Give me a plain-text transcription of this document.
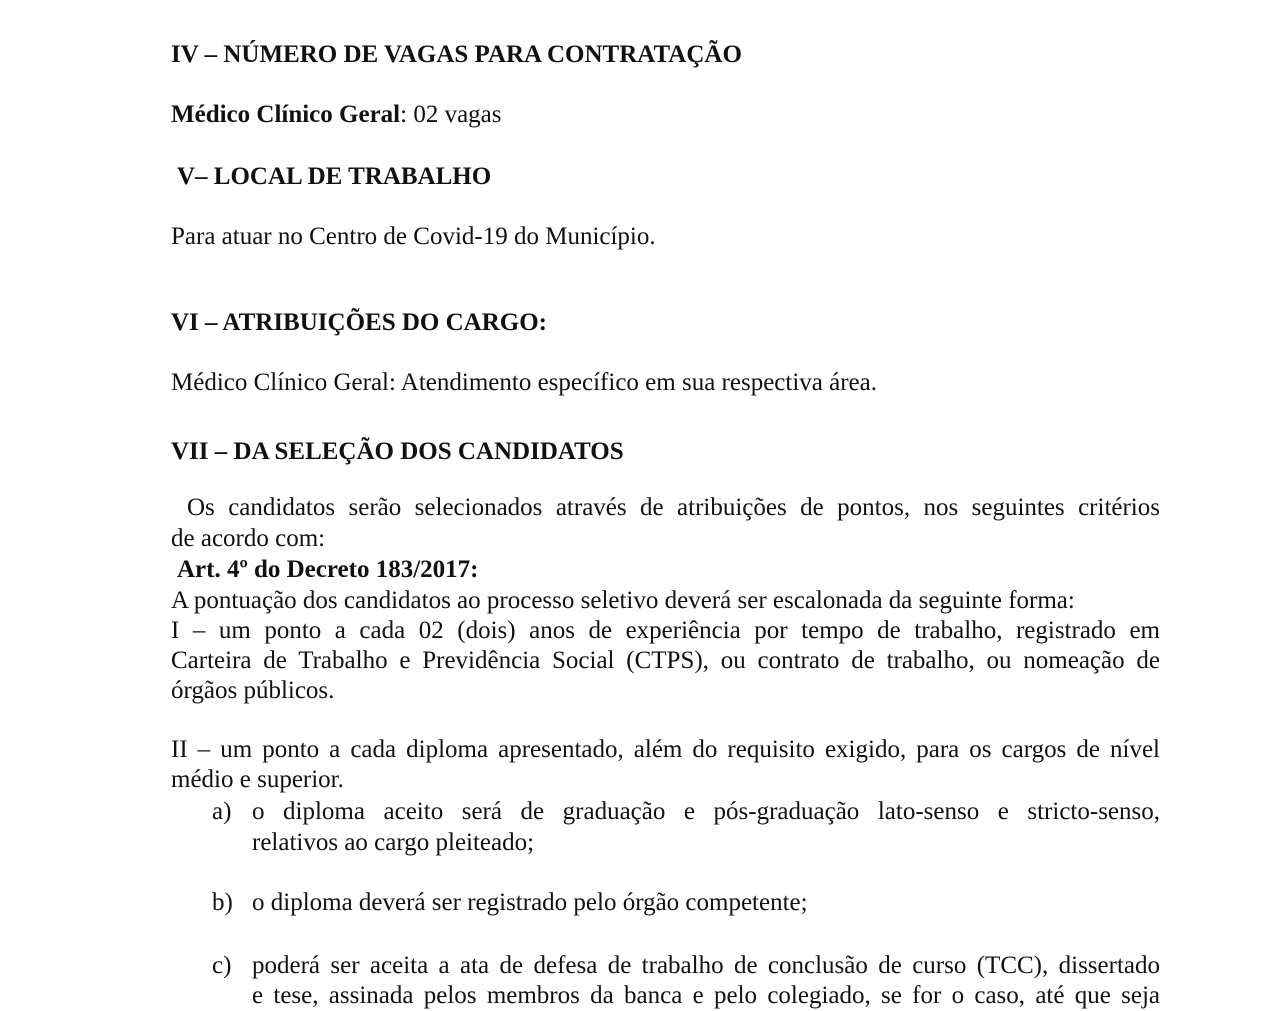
IV – NÚMERO DE VAGAS PARA CONTRATAÇÃO

Médico Clínico Geral: 02 vagas

V– LOCAL DE TRABALHO

Para atuar no Centro de Covid-19 do Município.

VI – ATRIBUIÇÕES DO CARGO:

Médico Clínico Geral: Atendimento específico em sua respectiva área.

VII – DA SELEÇÃO DOS CANDIDATOS

Os candidatos serão selecionados através de atribuições de pontos, nos seguintes critérios

de acordo com:

Art. 4º do Decreto 183/2017:

A pontuação dos candidatos ao processo seletivo deverá ser escalonada da seguinte forma:

I – um ponto a cada 02 (dois) anos de experiência por tempo de trabalho, registrado em

Carteira de Trabalho e Previdência Social (CTPS), ou contrato de trabalho, ou nomeação de

órgãos públicos.

II – um ponto a cada diploma apresentado, além do requisito exigido, para os cargos de nível

médio e superior.

a) o diploma aceito será de graduação e pós-graduação lato-senso e stricto-senso,

relativos ao cargo pleiteado;

b) o diploma deverá ser registrado pelo órgão competente;

c) poderá ser aceita a ata de defesa de trabalho de conclusão de curso (TCC), dissertado

e tese, assinada pelos membros da banca e pelo colegiado, se for o caso, até que seja
